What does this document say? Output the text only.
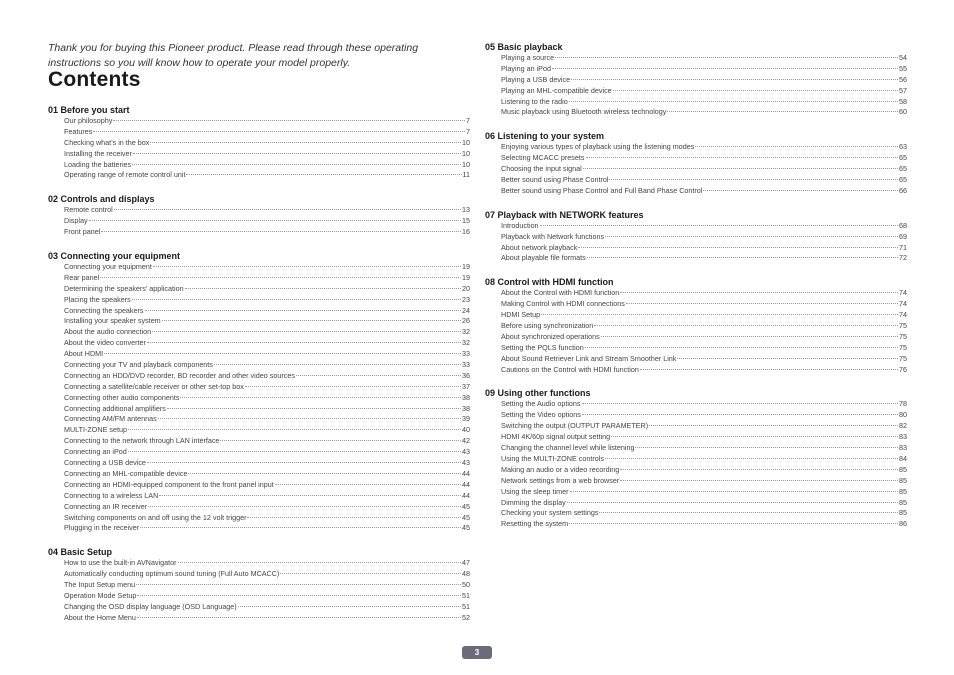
Thank you for buying this Pioneer product. Please read through these operating instructions so you will know how to operate your model properly.
Contents
01 Before you start
Our philosophy	7
Features	7
Checking what’s in the box	10
Installing the receiver	10
Loading the batteries	10
Operating range of remote control unit	11
02 Controls and displays
Remote control	13
Display	15
Front panel	16
03 Connecting your equipment
Connecting your equipment	19
Rear panel	19
Determining the speakers’ application	20
Placing the speakers	23
Connecting the speakers	24
Installing your speaker system	26
About the audio connection	32
About the video converter	32
About HDMI	33
Connecting your TV and playback components	33
Connecting an HDD/DVD recorder, BD recorder and other video sources	36
Connecting a satellite/cable receiver or other set-top box	37
Connecting other audio components	38
Connecting additional amplifiers	38
Connecting AM/FM antennas	39
MULTI-ZONE setup	40
Connecting to the network through LAN interface	42
Connecting an iPod	43
Connecting a USB device	43
Connecting an MHL-compatible device	44
Connecting an HDMI-equipped component to the front panel input	44
Connecting to a wireless LAN	44
Connecting an IR receiver	45
Switching components on and off using the 12 volt trigger	45
Plugging in the receiver	45
04 Basic Setup
How to use the built-in AVNavigator	47
Automatically conducting optimum sound tuning (Full Auto MCACC)	48
The Input Setup menu	50
Operation Mode Setup	51
Changing the OSD display language (OSD Language)	51
About the Home Menu	52
05 Basic playback
Playing a source	54
Playing an iPod	55
Playing a USB device	56
Playing an MHL-compatible device	57
Listening to the radio	58
Music playback using Bluetooth wireless technology	60
06 Listening to your system
Enjoying various types of playback using the listening modes	63
Selecting MCACC presets	65
Choosing the input signal	65
Better sound using Phase Control	65
Better sound using Phase Control and Full Band Phase Control	66
07 Playback with NETWORK features
Introduction	68
Playback with Network functions	69
About network playback	71
About playable file formats	72
08 Control with HDMI function
About the Control with HDMI function	74
Making Control with HDMI connections	74
HDMI Setup	74
Before using synchronization	75
About synchronized operations	75
Setting the PQLS function	75
About Sound Retriever Link and Stream Smoother Link	75
Cautions on the Control with HDMI function	76
09 Using other functions
Setting the Audio options	78
Setting the Video options	80
Switching the output (OUTPUT PARAMETER)	82
HDMI 4K/60p signal output setting	83
Changing the channel level while listening	83
Using the MULTI-ZONE controls	84
Making an audio or a video recording	85
Network settings from a web browser	85
Using the sleep timer	85
Dimming the display	85
Checking your system settings	85
Resetting the system	86
3
